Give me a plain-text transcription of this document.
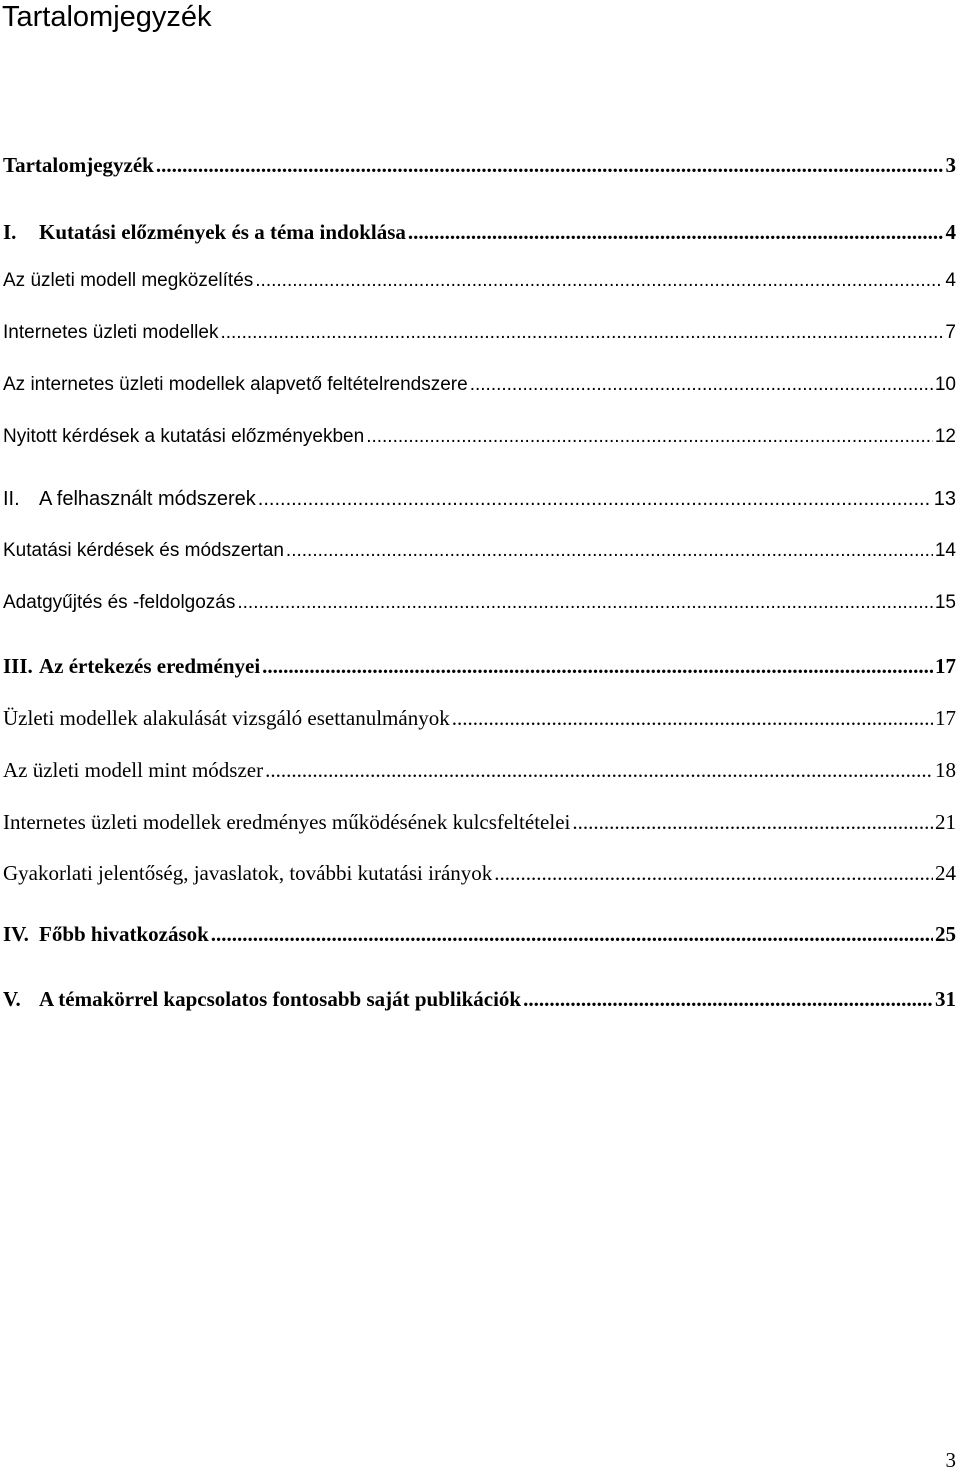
Tartalomjegyzék
Tartalomjegyzék .....	3
I.	Kutatási előzmények és a téma indoklása .....	4
Az üzleti modell megközelítés .....	4
Internetes üzleti modellek .....	7
Az internetes üzleti modellek alapvető feltételrendszere .....	10
Nyitott kérdések a kutatási előzményekben .....	12
II. A felhasznált módszerek .....	13
Kutatási kérdések és módszertan .....	14
Adatgyűjtés és -feldolgozás .....	15
III. Az értekezés eredményei .....	17
Üzleti modellek alakulását vizsgáló esettanulmányok .....	17
Az üzleti modell mint módszer .....	18
Internetes üzleti modellek eredményes működésének kulcsfeltételei .....	21
Gyakorlati jelentőség, javaslatok, további kutatási irányok .....	24
IV. Főbb hivatkozások .....	25
V. A témakörrel kapcsolatos fontosabb saját publikációk .....	31
3
